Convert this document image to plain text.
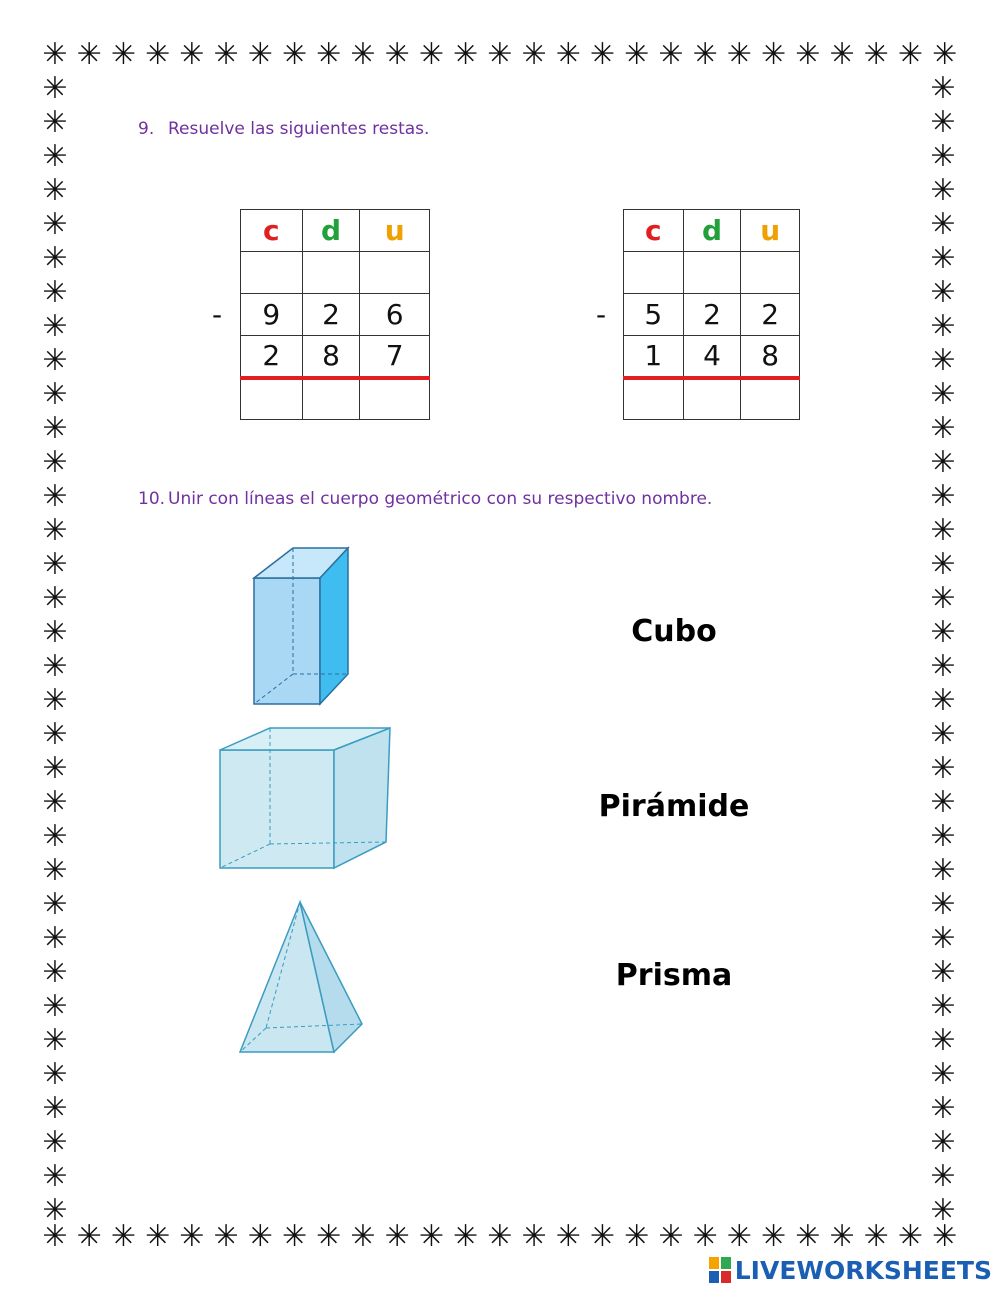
✳ ✳ ✳ ✳ ✳ ✳ ✳ ✳ ✳ ✳ ✳ ✳ ✳ ✳ ✳ ✳ ✳ ✳ ✳ ✳ ✳ ✳ ✳ ✳ ✳ ✳ ✳
✳ ✳ ✳ ✳ ✳ ✳ ✳ ✳ ✳ ✳ ✳ ✳ ✳ ✳ ✳ ✳ ✳ ✳ ✳ ✳ ✳ ✳ ✳ ✳ ✳ ✳ ✳
✳
✳
✳
✳
✳
✳
✳
✳
✳
✳
✳
✳
✳
✳
✳
✳
✳
✳
✳
✳
✳
✳
✳
✳
✳
✳
✳
✳
✳
✳
✳
✳
✳
✳
✳
✳
✳
✳
✳
✳
✳
✳
✳
✳
✳
✳
✳
✳
✳
✳
✳
✳
✳
✳
✳
✳
✳
✳
✳
✳
✳
✳
✳
✳
✳
✳
✳
✳
9. Resuelve las siguientes restas.
-
c	d	u

9	2	6
2	8	7

-
c	d	u

5	2	2
1	4	8

10. Unir con líneas el cuerpo geométrico con su respectivo nombre.
Cubo
Pirámide
Prisma
LIVEWORKSHEETS
